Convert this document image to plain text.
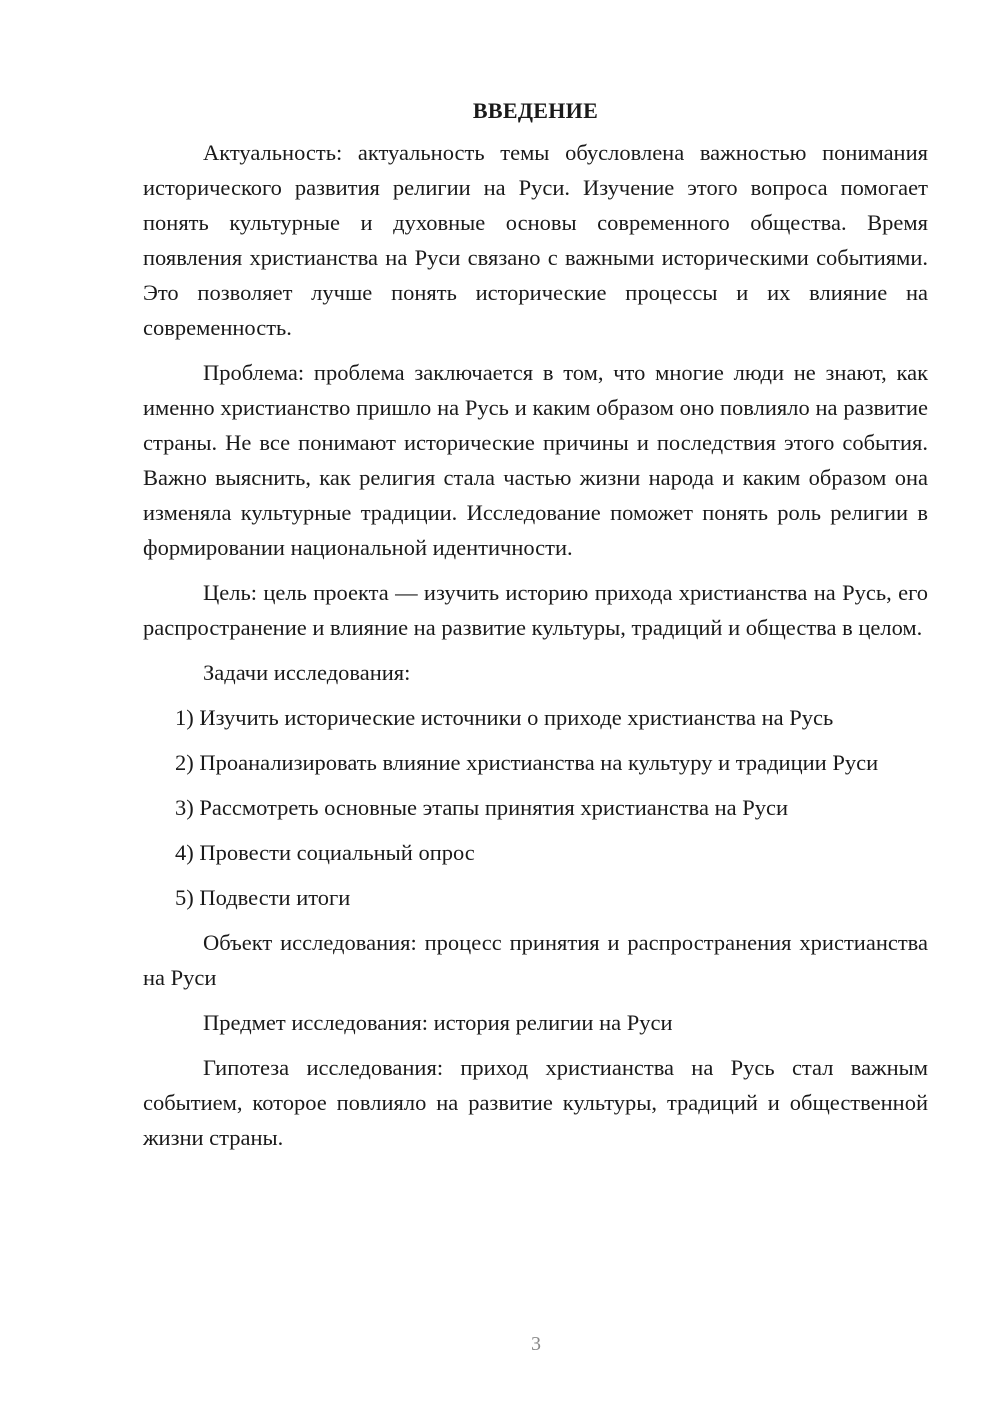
ВВЕДЕНИЕ

Актуальность: актуальность темы обусловлена важностью понимания исторического развития религии на Руси. Изучение этого вопроса помогает понять культурные и духовные основы современного общества. Время появления христианства на Руси связано с важными историческими событиями. Это позволяет лучше понять исторические процессы и их влияние на современность.

Проблема: проблема заключается в том, что многие люди не знают, как именно христианство пришло на Русь и каким образом оно повлияло на развитие страны. Не все понимают исторические причины и последствия этого события. Важно выяснить, как религия стала частью жизни народа и каким образом она изменяла культурные традиции. Исследование поможет понять роль религии в формировании национальной идентичности.

Цель: цель проекта — изучить историю прихода христианства на Русь, его распространение и влияние на развитие культуры, традиций и общества в целом.

Задачи исследования:

1) Изучить исторические источники о приходе христианства на Русь

2) Проанализировать влияние христианства на культуру и традиции Руси

3) Рассмотреть основные этапы принятия христианства на Руси

4) Провести социальный опрос

5) Подвести итоги

Объект исследования: процесс принятия и распространения христианства на Руси

Предмет исследования: история религии на Руси

Гипотеза исследования: приход христианства на Русь стал важным событием, которое повлияло на развитие культуры, традиций и общественной жизни страны.

3
